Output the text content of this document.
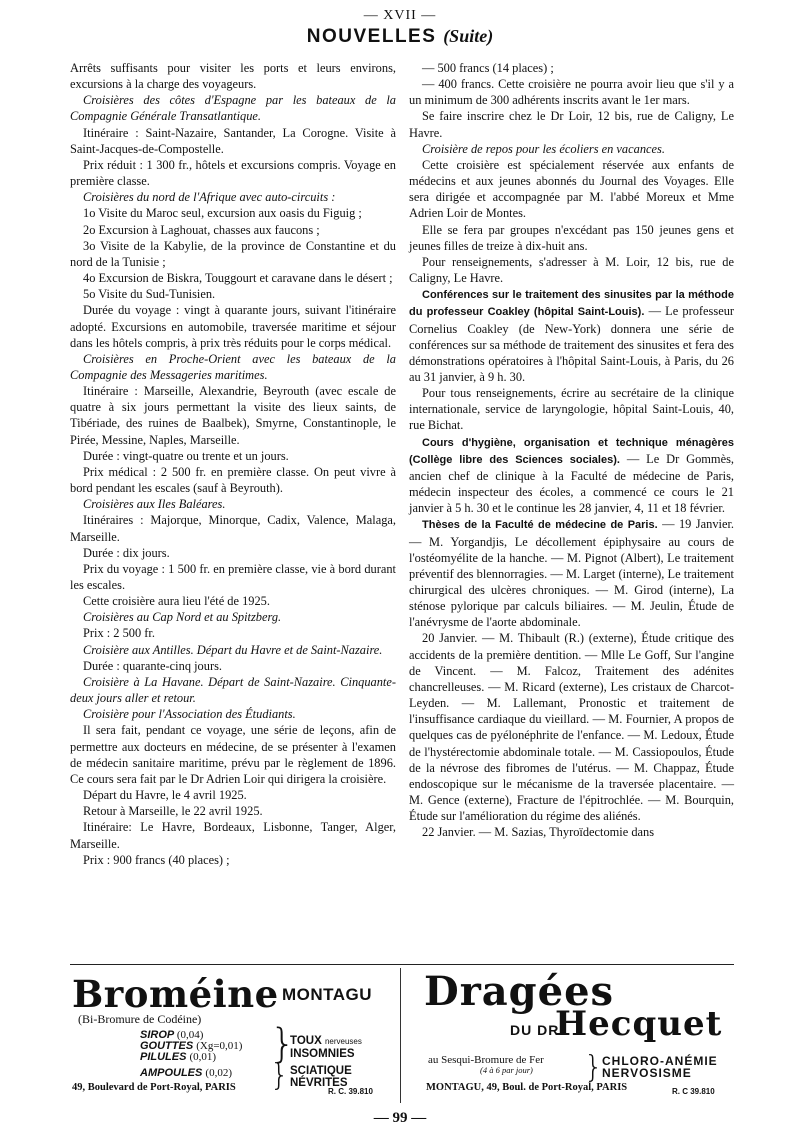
— XVII —
NOUVELLES (Suite)

Arrêts suffisants pour visiter les ports et leurs environs, excursions à la charge des voyageurs.

Croisières des côtes d'Espagne par les bateaux de la Compagnie Générale Transatlantique.

Itinéraire : Saint-Nazaire, Santander, La Corogne. Visite à Saint-Jacques-de-Compostelle.

Prix réduit : 1 300 fr., hôtels et excursions compris. Voyage en première classe.

Croisières du nord de l'Afrique avec auto-circuits :

1o Visite du Maroc seul, excursion aux oasis du Figuig ;

2o Excursion à Laghouat, chasses aux faucons ;

3o Visite de la Kabylie, de la province de Constantine et du nord de la Tunisie ;

4o Excursion de Biskra, Touggourt et caravane dans le désert ;

5o Visite du Sud-Tunisien.

Durée du voyage : vingt à quarante jours, suivant l'itinéraire adopté. Excursions en automobile, traversée maritime et séjour dans les hôtels compris, à prix très réduits pour le corps médical.

Croisières en Proche-Orient avec les bateaux de la Compagnie des Messageries maritimes.

Itinéraire : Marseille, Alexandrie, Beyrouth (avec escale de quatre à six jours permettant la visite des lieux saints, de Tibériade, des ruines de Baalbek), Smyrne, Constantinople, le Pirée, Messine, Naples, Marseille.

Durée : vingt-quatre ou trente et un jours.

Prix médical : 2 500 fr. en première classe. On peut vivre à bord pendant les escales (sauf à Beyrouth).

Croisières aux Iles Baléares.

Itinéraires : Majorque, Minorque, Cadix, Valence, Malaga, Marseille.

Durée : dix jours.

Prix du voyage : 1 500 fr. en première classe, vie à bord durant les escales.

Cette croisière aura lieu l'été de 1925.

Croisières au Cap Nord et au Spitzberg.

Prix : 2 500 fr.

Croisière aux Antilles. Départ du Havre et de Saint-Nazaire.

Durée : quarante-cinq jours.

Croisière à La Havane. Départ de Saint-Nazaire. Cinquante-deux jours aller et retour.

Croisière pour l'Association des Étudiants.

Il sera fait, pendant ce voyage, une série de leçons, afin de permettre aux docteurs en médecine, de se présenter à l'examen de médecin sanitaire maritime, prévu par le règlement de 1896. Ce cours sera fait par le Dr Adrien Loir qui dirigera la croisière.

Départ du Havre, le 4 avril 1925.

Retour à Marseille, le 22 avril 1925.

Itinéraire: Le Havre, Bordeaux, Lisbonne, Tanger, Alger, Marseille.

Prix : 900 francs (40 places) ;

— 500 francs (14 places) ;

— 400 francs. Cette croisière ne pourra avoir lieu que s'il y a un minimum de 300 adhérents inscrits avant le 1er mars.

Se faire inscrire chez le Dr Loir, 12 bis, rue de Caligny, Le Havre.

Croisière de repos pour les écoliers en vacances.

Cette croisière est spécialement réservée aux enfants de médecins et aux jeunes abonnés du Journal des Voyages. Elle sera dirigée et accompagnée par M. l'abbé Moreux et Mme Adrien Loir de Montes.

Elle se fera par groupes n'excédant pas 150 jeunes gens et jeunes filles de treize à dix-huit ans.

Pour renseignements, s'adresser à M. Loir, 12 bis, rue de Caligny, Le Havre.

Conférences sur le traitement des sinusites par la méthode du professeur Coakley (hôpital Saint-Louis). — Le professeur Cornelius Coakley (de New-York) donnera une série de conférences sur sa méthode de traitement des sinusites et fera des démonstrations opératoires à l'hôpital Saint-Louis, à Paris, du 26 au 31 janvier, à 9 h. 30.

Pour tous renseignements, écrire au secrétaire de la clinique internationale, service de laryngologie, hôpital Saint-Louis, 40, rue Bichat.

Cours d'hygiène, organisation et technique ménagères (Collège libre des Sciences sociales). — Le Dr Gommès, ancien chef de clinique à la Faculté de médecine de Paris, médecin inspecteur des écoles, a commencé ce cours le 21 janvier à 5 h. 30 et le continue les 28 janvier, 4, 11 et 18 février.

Thèses de la Faculté de médecine de Paris. — 19 Janvier. — M. Yorgandjis, Le décollement épiphysaire au cours de l'ostéomyélite de la hanche. — M. Pignot (Albert), Le traitement préventif des blennorragies. — M. Larget (interne), Le traitement chirurgical des ulcères chroniques. — M. Girod (interne), La sténose pylorique par calculs biliaires. — M. Jeulin, Étude de l'anévrysme de l'aorte abdominale.

20 Janvier. — M. Thibault (R.) (externe), Étude critique des accidents de la première dentition. — Mlle Le Goff, Sur l'angine de Vincent. — M. Falcoz, Traitement des adénites chancrelleuses. — M. Ricard (externe), Les cristaux de Charcot-Leyden. — M. Lallemant, Pronostic et traitement de l'insuffisance cardiaque du vieillard. — M. Fournier, A propos de quelques cas de pyélonéphrite de l'enfance. — M. Ledoux, Étude de l'hystérectomie abdominale totale. — M. Cassiopoulos, Étude de la névrose des fibromes de l'utérus. — M. Chappaz, Étude endoscopique sur le mécanisme de la traversée placentaire. — M. Gence (externe), Fracture de l'épitrochlée. — M. Bourquin, Étude sur l'amélioration du régime des aliénés.

22 Janvier. — M. Sazias, Thyroïdectomie dans

Broméine MONTAGU
(Bi-Bromure de Codéine)
SIROP (0,04)
GOUTTES (Xg=0,01)
PILULES (0,01)
AMPOULES (0,02)
}
TOUX nerveuses
INSOMNIES
} SCIATIQUE
NÉVRITES
49, Boulevard de Port-Royal, PARIS	R. C. 39.810
Dragées
DU DR.
Hecquet
au Sesqui-Bromure de Fer
(4 à 6 par jour) }
CHLORO-ANÉMIE
NERVOSISME
MONTAGU, 49, Boul. de Port-Royal, PARIS	R. C 39.810
— 99 —
